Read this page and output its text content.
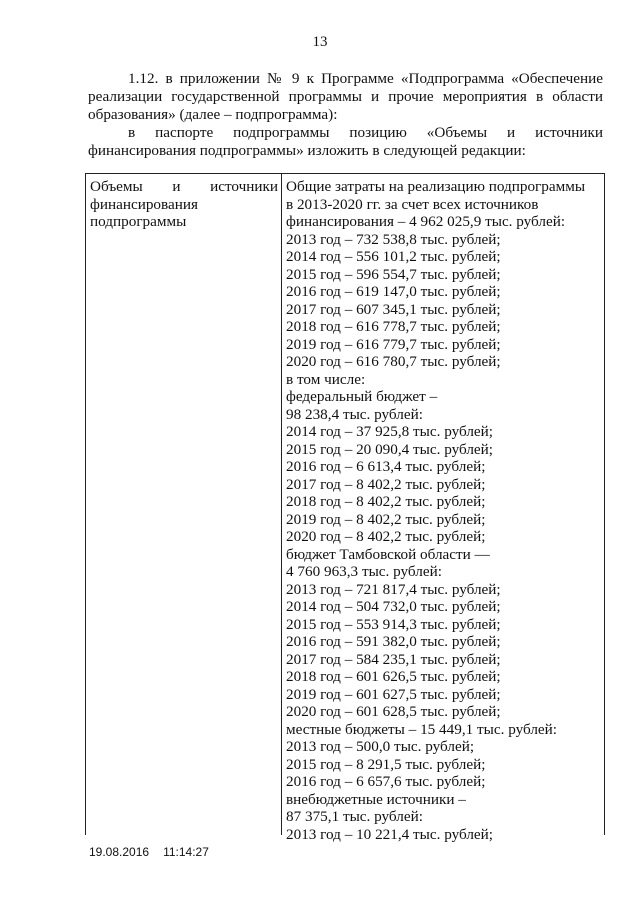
13

1.12. в приложении № 9 к Программе «Подпрограмма «Обеспечение реализации государственной программы и прочие мероприятия в области образования» (далее – подпрограмма):

в паспорте подпрограммы позицию «Объемы и источники финансирования подпрограммы» изложить в следующей редакции:

Объемы и источники
финансирования
подпрограммы
Общие затраты на реализацию подпрограммы
в 2013-2020 гг. за счет всех источников
финансирования – 4 962 025,9 тыс. рублей:
2013 год – 732 538,8 тыс. рублей;
2014 год – 556 101,2 тыс. рублей;
2015 год – 596 554,7 тыс. рублей;
2016 год – 619 147,0 тыс. рублей;
2017 год – 607 345,1 тыс. рублей;
2018 год – 616 778,7 тыс. рублей;
2019 год – 616 779,7 тыс. рублей;
2020 год – 616 780,7 тыс. рублей;
в том числе:
федеральный бюджет –
98 238,4 тыс. рублей:
2014 год – 37 925,8 тыс. рублей;
2015 год – 20 090,4 тыс. рублей;
2016 год – 6 613,4 тыс. рублей;
2017 год – 8 402,2 тыс. рублей;
2018 год – 8 402,2 тыс. рублей;
2019 год – 8 402,2 тыс. рублей;
2020 год – 8 402,2 тыс. рублей;
бюджет Тамбовской области —
4 760 963,3 тыс. рублей:
2013 год – 721 817,4 тыс. рублей;
2014 год – 504 732,0 тыс. рублей;
2015 год – 553 914,3 тыс. рублей;
2016 год – 591 382,0 тыс. рублей;
2017 год – 584 235,1 тыс. рублей;
2018 год – 601 626,5 тыс. рублей;
2019 год – 601 627,5 тыс. рублей;
2020 год – 601 628,5 тыс. рублей;
местные бюджеты – 15 449,1 тыс. рублей:
2013 год – 500,0 тыс. рублей;
2015 год – 8 291,5 тыс. рублей;
2016 год – 6 657,6 тыс. рублей;
внебюджетные источники –
87 375,1 тыс. рублей:
2013 год – 10 221,4 тыс. рублей;
19.08.2016 11:14:27
